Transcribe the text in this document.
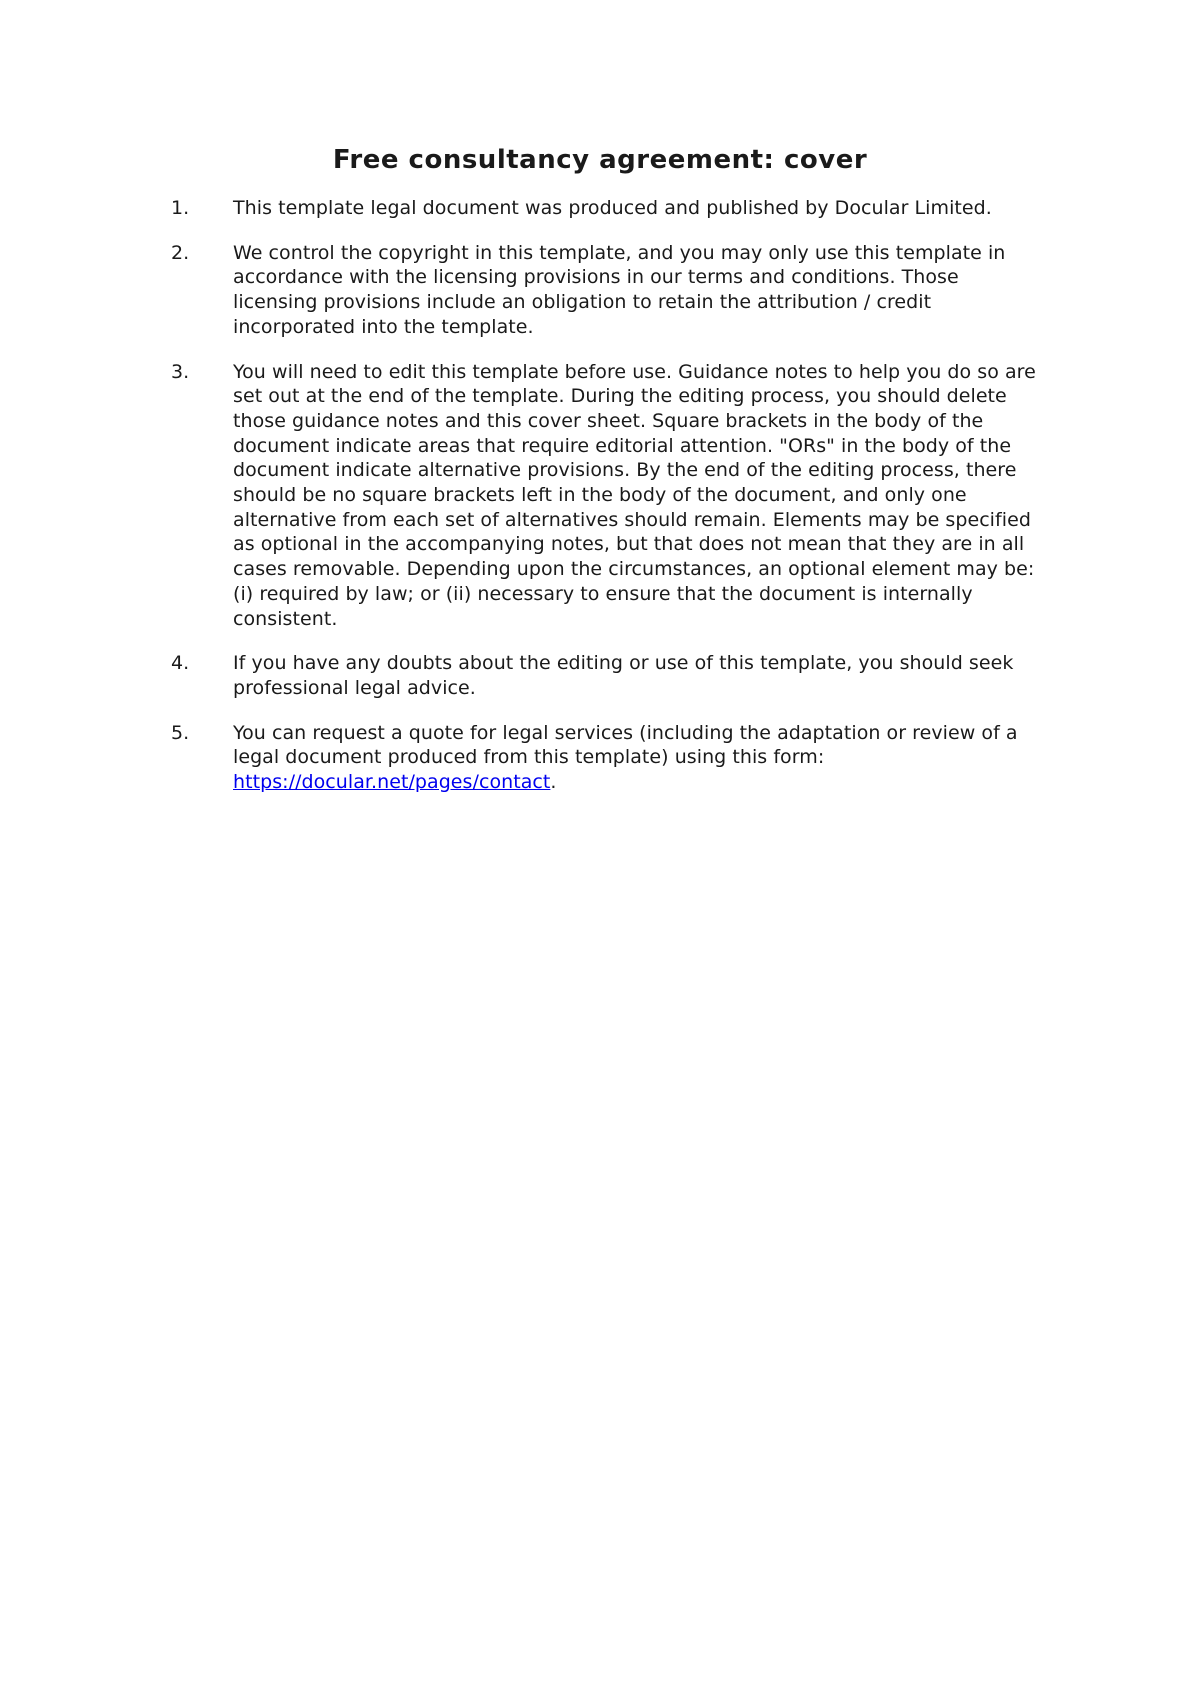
Free consultancy agreement: cover
1.	This template legal document was produced and published by Docular Limited.
2.	We control the copyright in this template, and you may only use this template in accordance with the licensing provisions in our terms and conditions. Those licensing provisions include an obligation to retain the attribution / credit incorporated into the template.
3.	You will need to edit this template before use. Guidance notes to help you do so are set out at the end of the template. During the editing process, you should delete those guidance notes and this cover sheet. Square brackets in the body of the document indicate areas that require editorial attention. "ORs" in the body of the document indicate alternative provisions. By the end of the editing process, there should be no square brackets left in the body of the document, and only one alternative from each set of alternatives should remain. Elements may be specified as optional in the accompanying notes, but that does not mean that they are in all cases removable. Depending upon the circumstances, an optional element may be: (i) required by law; or (ii) necessary to ensure that the document is internally consistent.
4.	If you have any doubts about the editing or use of this template, you should seek professional legal advice.
5.	You can request a quote for legal services (including the adaptation or review of a legal document produced from this template) using this form: https://docular.net/pages/contact.
